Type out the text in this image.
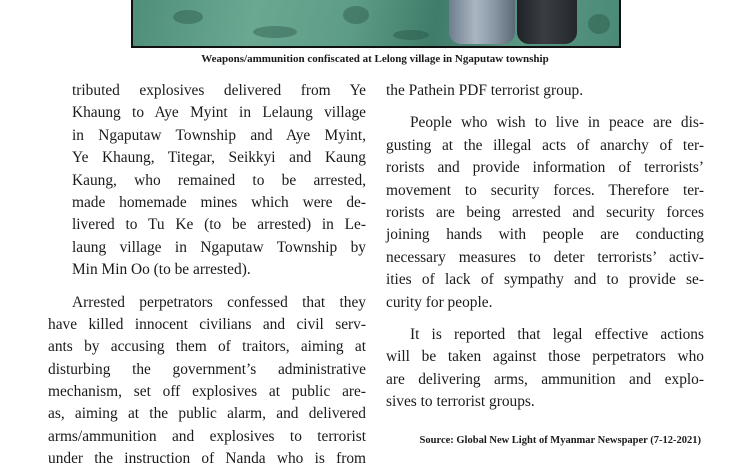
Weapons/ammunition confiscated at Lelong village in Ngaputaw township
tributed explosives delivered from Ye
Khaung to Aye Myint in Lelaung village
in Ngaputaw Township and Aye Myint,
Ye Khaung, Titegar, Seikkyi and Kaung
Kaung, who remained to be arrested,
made homemade mines which were de-
livered to Tu Ke (to be arrested) in Le-
laung village in Ngaputaw Township by
Min Min Oo (to be arrested).
Arrested perpetrators confessed that they
have killed innocent civilians and civil serv-
ants by accusing them of traitors, aiming at
disturbing the government’s administrative
mechanism, set off explosives at public are-
as, aiming at the public alarm, and delivered
arms/ammunition and explosives to terrorist
under the instruction of Nanda who is from
the Pathein PDF terrorist group.
People who wish to live in peace are dis-
gusting at the illegal acts of anarchy of ter-
rorists and provide information of terrorists’
movement to security forces. Therefore ter-
rorists are being arrested and security forces
joining hands with people are conducting
necessary measures to deter terrorists’ activ-
ities of lack of sympathy and to provide se-
curity for people.
It is reported that legal effective actions
will be taken against those perpetrators who
are delivering arms, ammunition and explo-
sives to terrorist groups.
Source: Global New Light of Myanmar Newspaper (7-12-2021)
